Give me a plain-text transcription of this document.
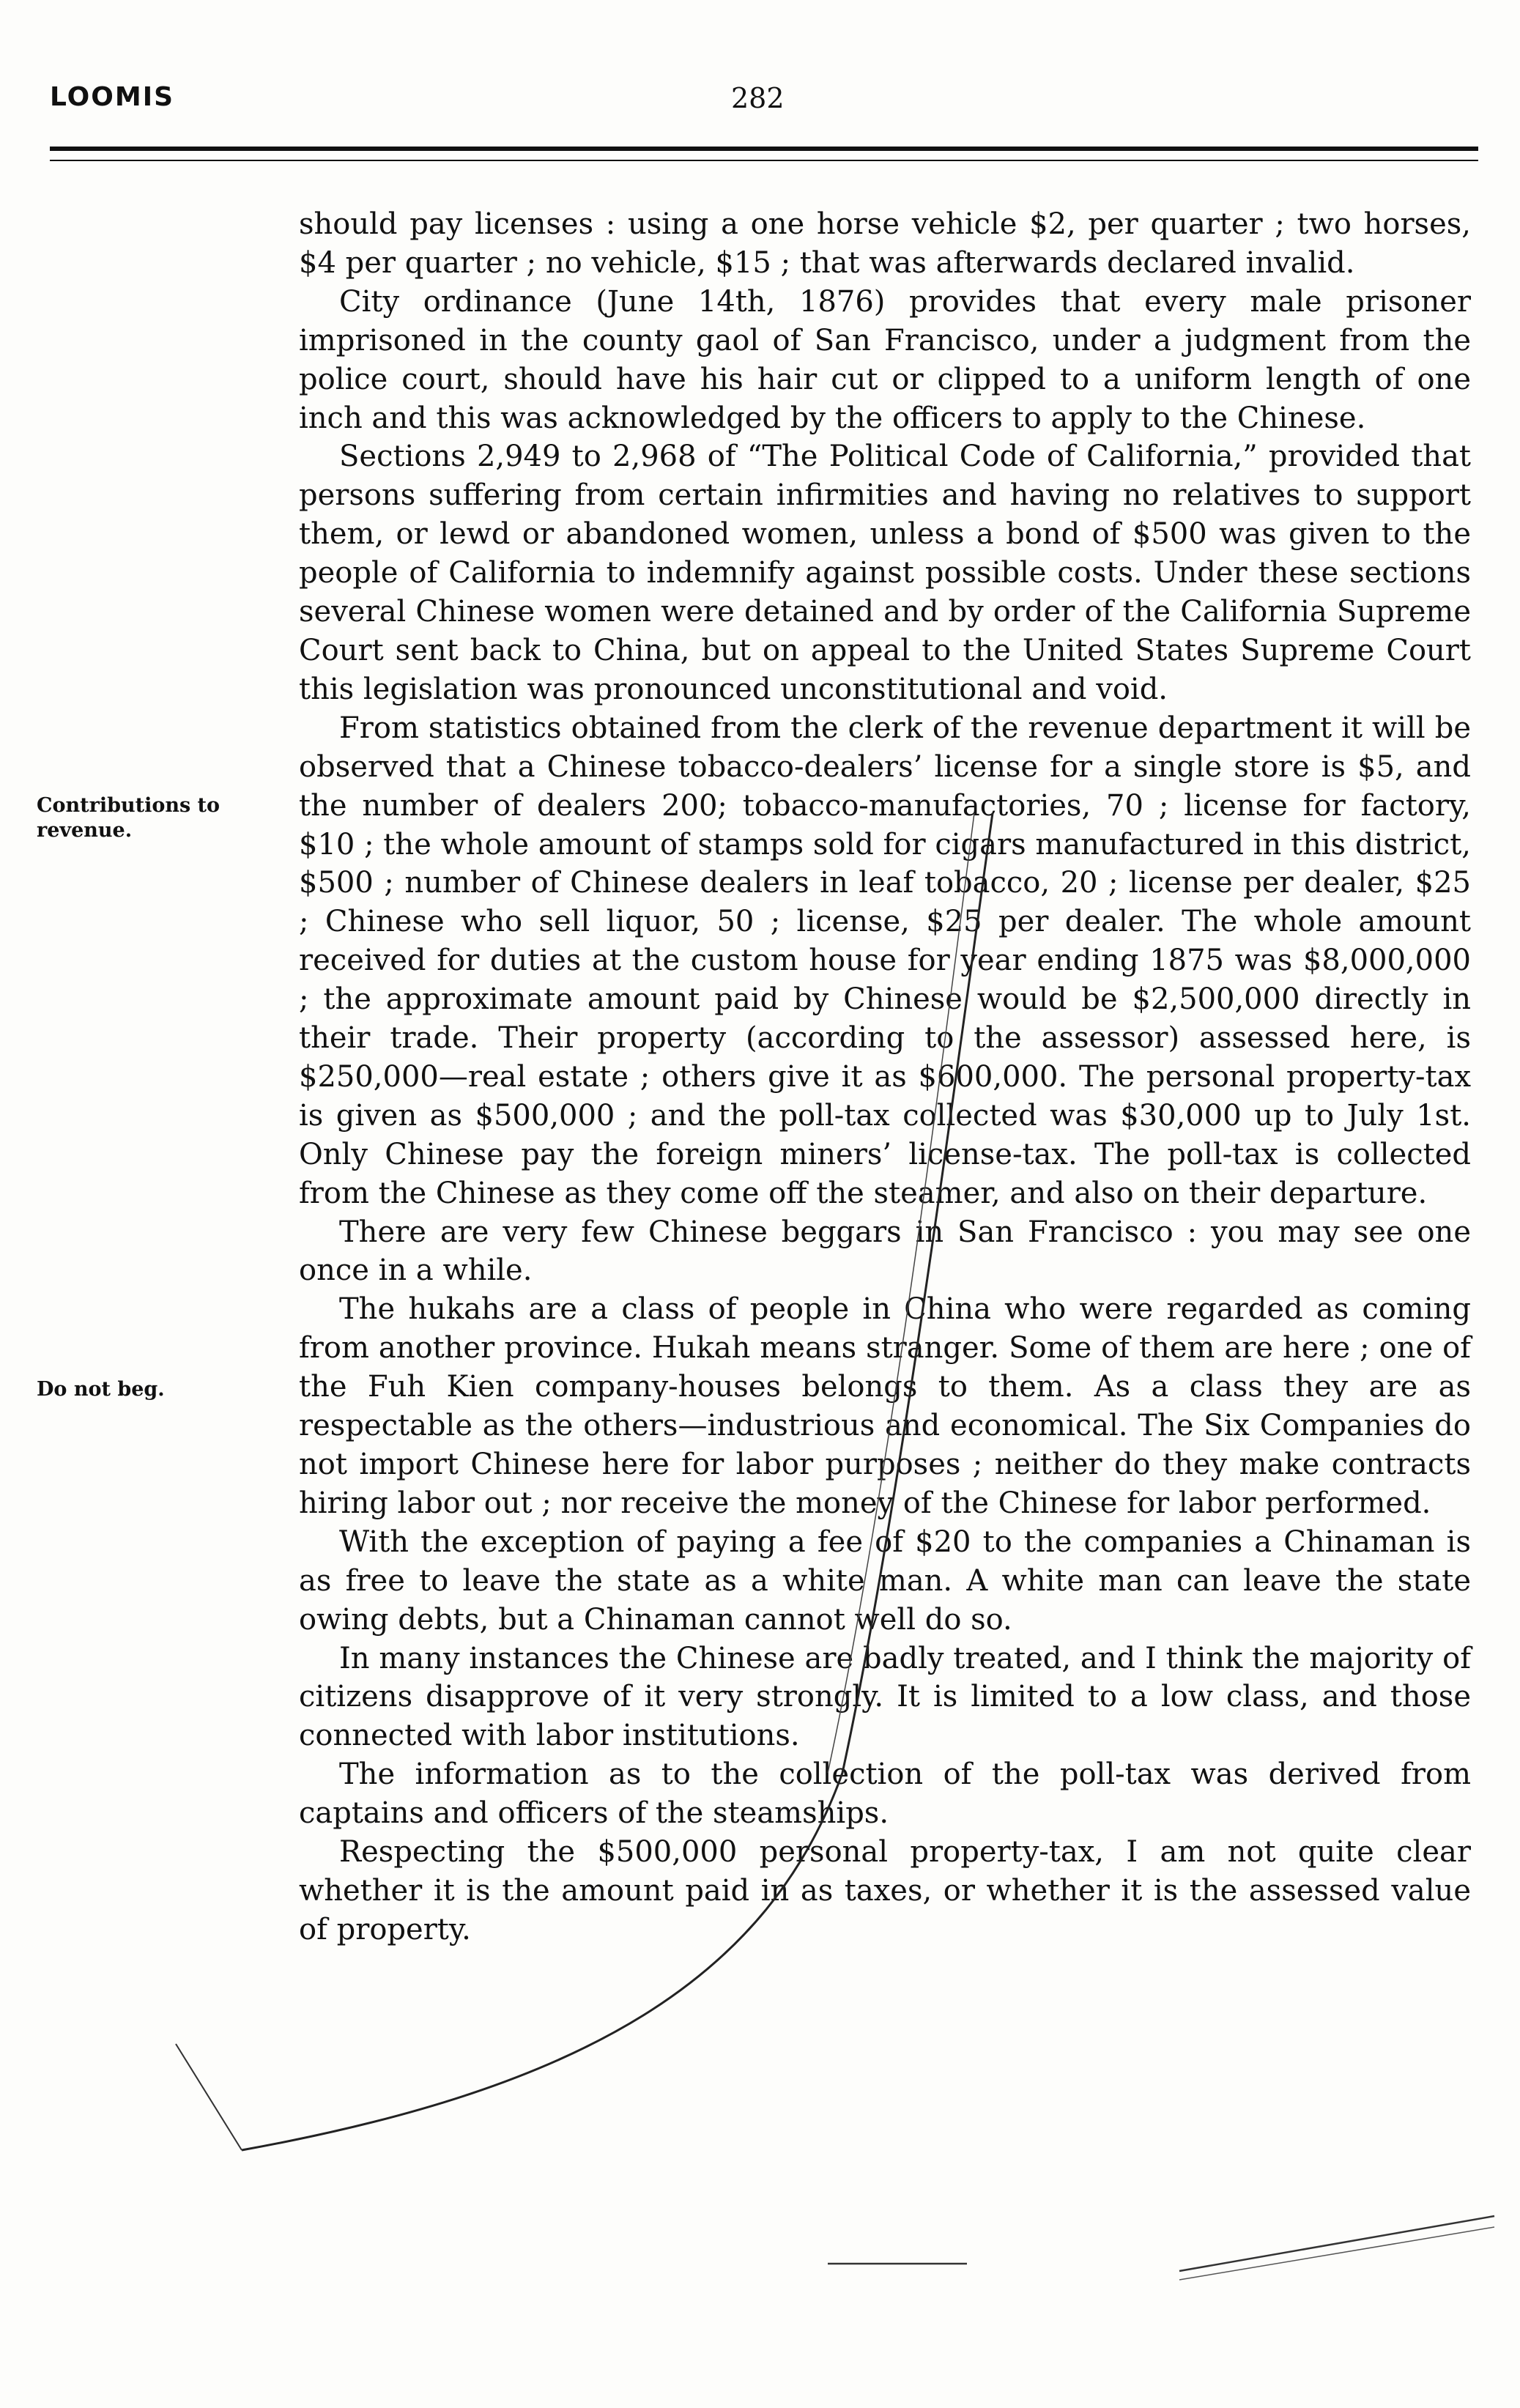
LOOMIS	282
Contributions to revenue.
Do not beg.

should pay licenses : using a one horse vehicle $2, per quarter ; two horses, $4 per quarter ; no vehicle, $15 ; that was afterwards declared invalid.

City ordinance (June 14th, 1876) provides that every male prisoner imprisoned in the county gaol of San Francisco, under a judgment from the police court, should have his hair cut or clipped to a uniform length of one inch and this was acknowledged by the officers to apply to the Chinese.

Sections 2,949 to 2,968 of “The Political Code of California,” provided that persons suffering from certain infirmities and having no relatives to support them, or lewd or abandoned women, unless a bond of $500 was given to the people of California to indemnify against possible costs. Under these sections several Chinese women were detained and by order of the California Supreme Court sent back to China, but on appeal to the United States Supreme Court this legislation was pronounced unconstitutional and void.

From statistics obtained from the clerk of the revenue department it will be observed that a Chinese tobacco-dealers’ license for a single store is $5, and the number of dealers 200; tobacco-manufactories, 70 ; license for factory, $10 ; the whole amount of stamps sold for cigars manufactured in this district, $500 ; number of Chinese dealers in leaf tobacco, 20 ; license per dealer, $25 ; Chinese who sell liquor, 50 ; license, $25 per dealer. The whole amount received for duties at the custom house for year ending 1875 was $8,000,000 ; the approximate amount paid by Chinese would be $2,500,000 directly in their trade. Their property (according to the assessor) assessed here, is $250,000—real estate ; others give it as $600,000. The personal property-tax is given as $500,000 ; and the poll-tax collected was $30,000 up to July 1st. Only Chinese pay the foreign miners’ license-tax. The poll-tax is collected from the Chinese as they come off the steamer, and also on their departure.

There are very few Chinese beggars in San Francisco : you may see one once in a while.

The hukahs are a class of people in China who were regarded as coming from another province. Hukah means stranger. Some of them are here ; one of the Fuh Kien company-houses belongs to them. As a class they are as respectable as the others—industrious and economical. The Six Companies do not import Chinese here for labor purposes ; neither do they make contracts hiring labor out ; nor receive the money of the Chinese for labor performed.

With the exception of paying a fee of $20 to the companies a Chinaman is as free to leave the state as a white man. A white man can leave the state owing debts, but a Chinaman cannot well do so.

In many instances the Chinese are badly treated, and I think the majority of citizens disapprove of it very strongly. It is limited to a low class, and those connected with labor institutions.

The information as to the collection of the poll-tax was derived from captains and officers of the steamships.

Respecting the $500,000 personal property-tax, I am not quite clear whether it is the amount paid in as taxes, or whether it is the assessed value of property.
